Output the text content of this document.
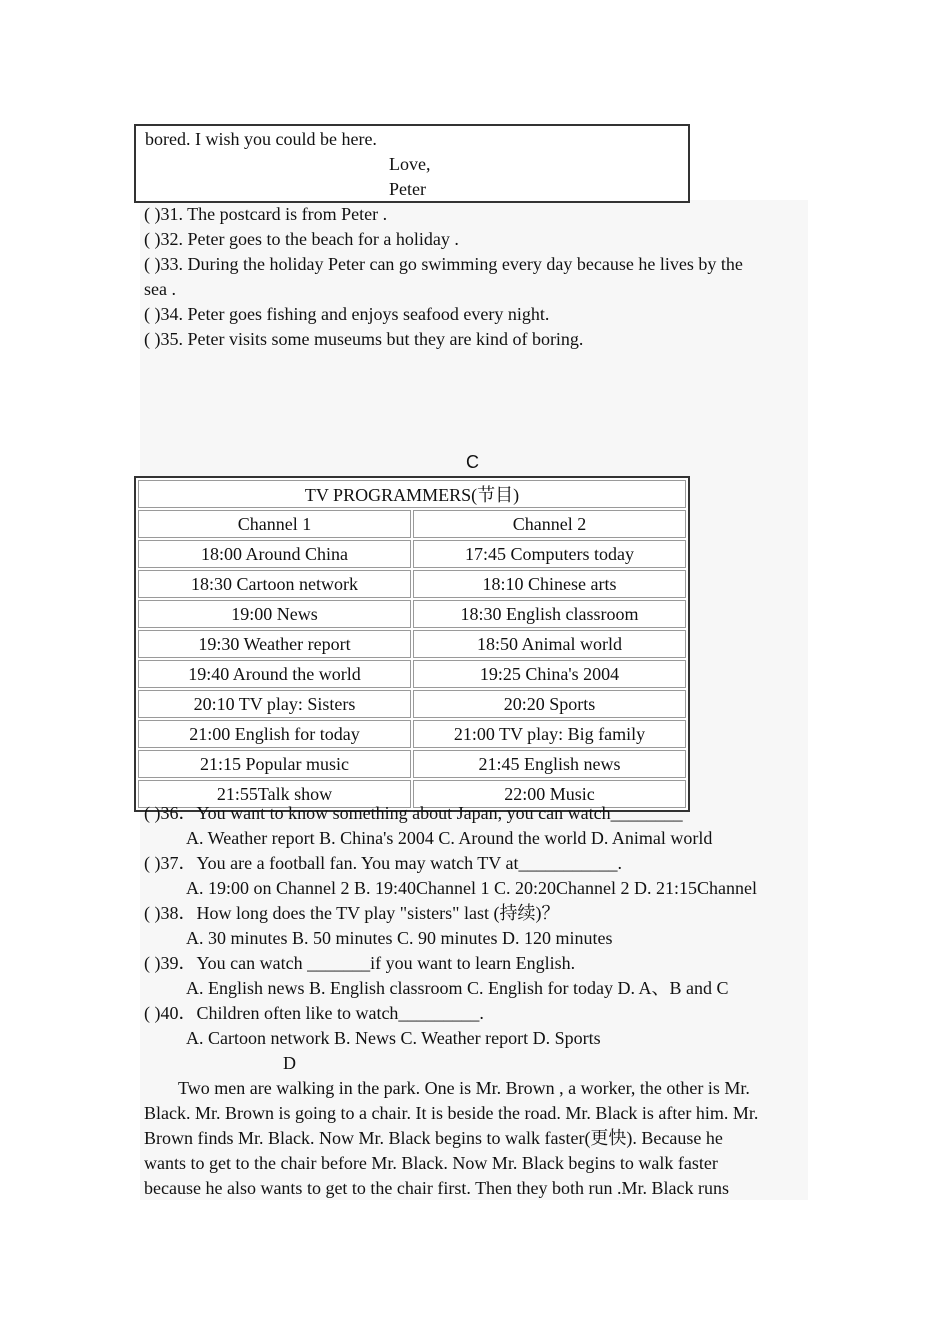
bored. I wish you could be here.
Love,
Peter
( )31. The postcard is from Peter .
( )32. Peter goes to the beach for a holiday .
( )33. During the holiday Peter can go swimming every day because he lives by the
sea .
( )34. Peter goes fishing and enjoys seafood every night.
( )35. Peter visits some museums but they are kind of boring.
C
TV PROGRAMMERS(节目)	
Channel 1	Channel 2
18:00 Around China	17:45 Computers today
18:30 Cartoon network	18:10 Chinese arts
19:00 News	18:30 English classroom
19:30 Weather report	18:50 Animal world
19:40 Around the world	19:25 China's 2004
20:10 TV play: Sisters	20:20 Sports
21:00 English for today	21:00 TV play: Big family
21:15 Popular music	21:45 English news
21:55Talk show	22:00 Music
( )36．You want to know something about Japan, you can watch________
A. Weather report B. China's 2004 C. Around the world D. Animal world
( )37．You are a football fan. You may watch TV at___________.
A. 19:00 on Channel 2 B. 19:40Channel 1 C. 20:20Channel 2 D. 21:15Channel
( )38．How long does the TV play "sisters" last (持续)？
A. 30 minutes B. 50 minutes C. 90 minutes D. 120 minutes
( )39．You can watch _______if you want to learn English.
A. English news B. English classroom C. English for today D. A、B and C
( )40．Children often like to watch_________.
A. Cartoon network B. News C. Weather report D. Sports
D
Two men are walking in the park. One is Mr. Brown , a worker, the other is Mr.
Black. Mr. Brown is going to a chair. It is beside the road. Mr. Black is after him. Mr.
Brown finds Mr. Black. Now Mr. Black begins to walk faster(更快). Because he
wants to get to the chair before Mr. Black. Now Mr. Black begins to walk faster
because he also wants to get to the chair first. Then they both run .Mr. Black runs
